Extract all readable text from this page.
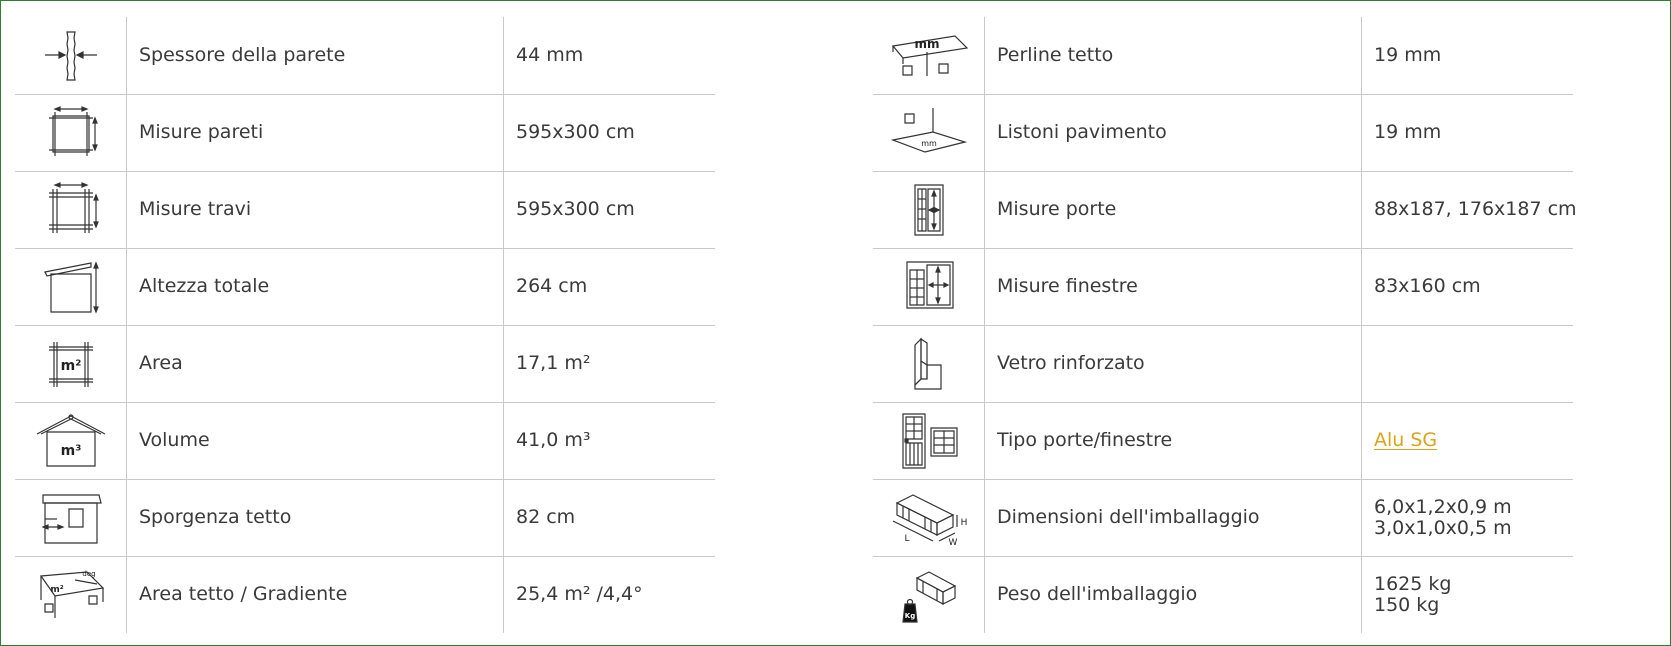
	Spessore della parete	44 mm

	Misure pareti	595x300 cm

	Misure travi	595x300 cm

	Altezza totale	264 cm

m²	Area	17,1 m²

m³	Volume	41,0 m³

	Sporgenza tetto	82 cm

m²
deg	Area tetto / Gradiente	25,4 m² /4,4°
mm	Perline tetto	19 mm

mm	Listoni pavimento	19 mm

	Misure porte	88x187, 176x187 cm

	Misure finestre	83x160 cm

	Vetro rinforzato	

	Tipo porte/finestre	Alu SG

L W
H	Dimensioni dell'imballaggio	6,0x1,2x0,9 m
3,0x1,0x0,5 m

Kg	Peso dell'imballaggio	1625 kg
150 kg
